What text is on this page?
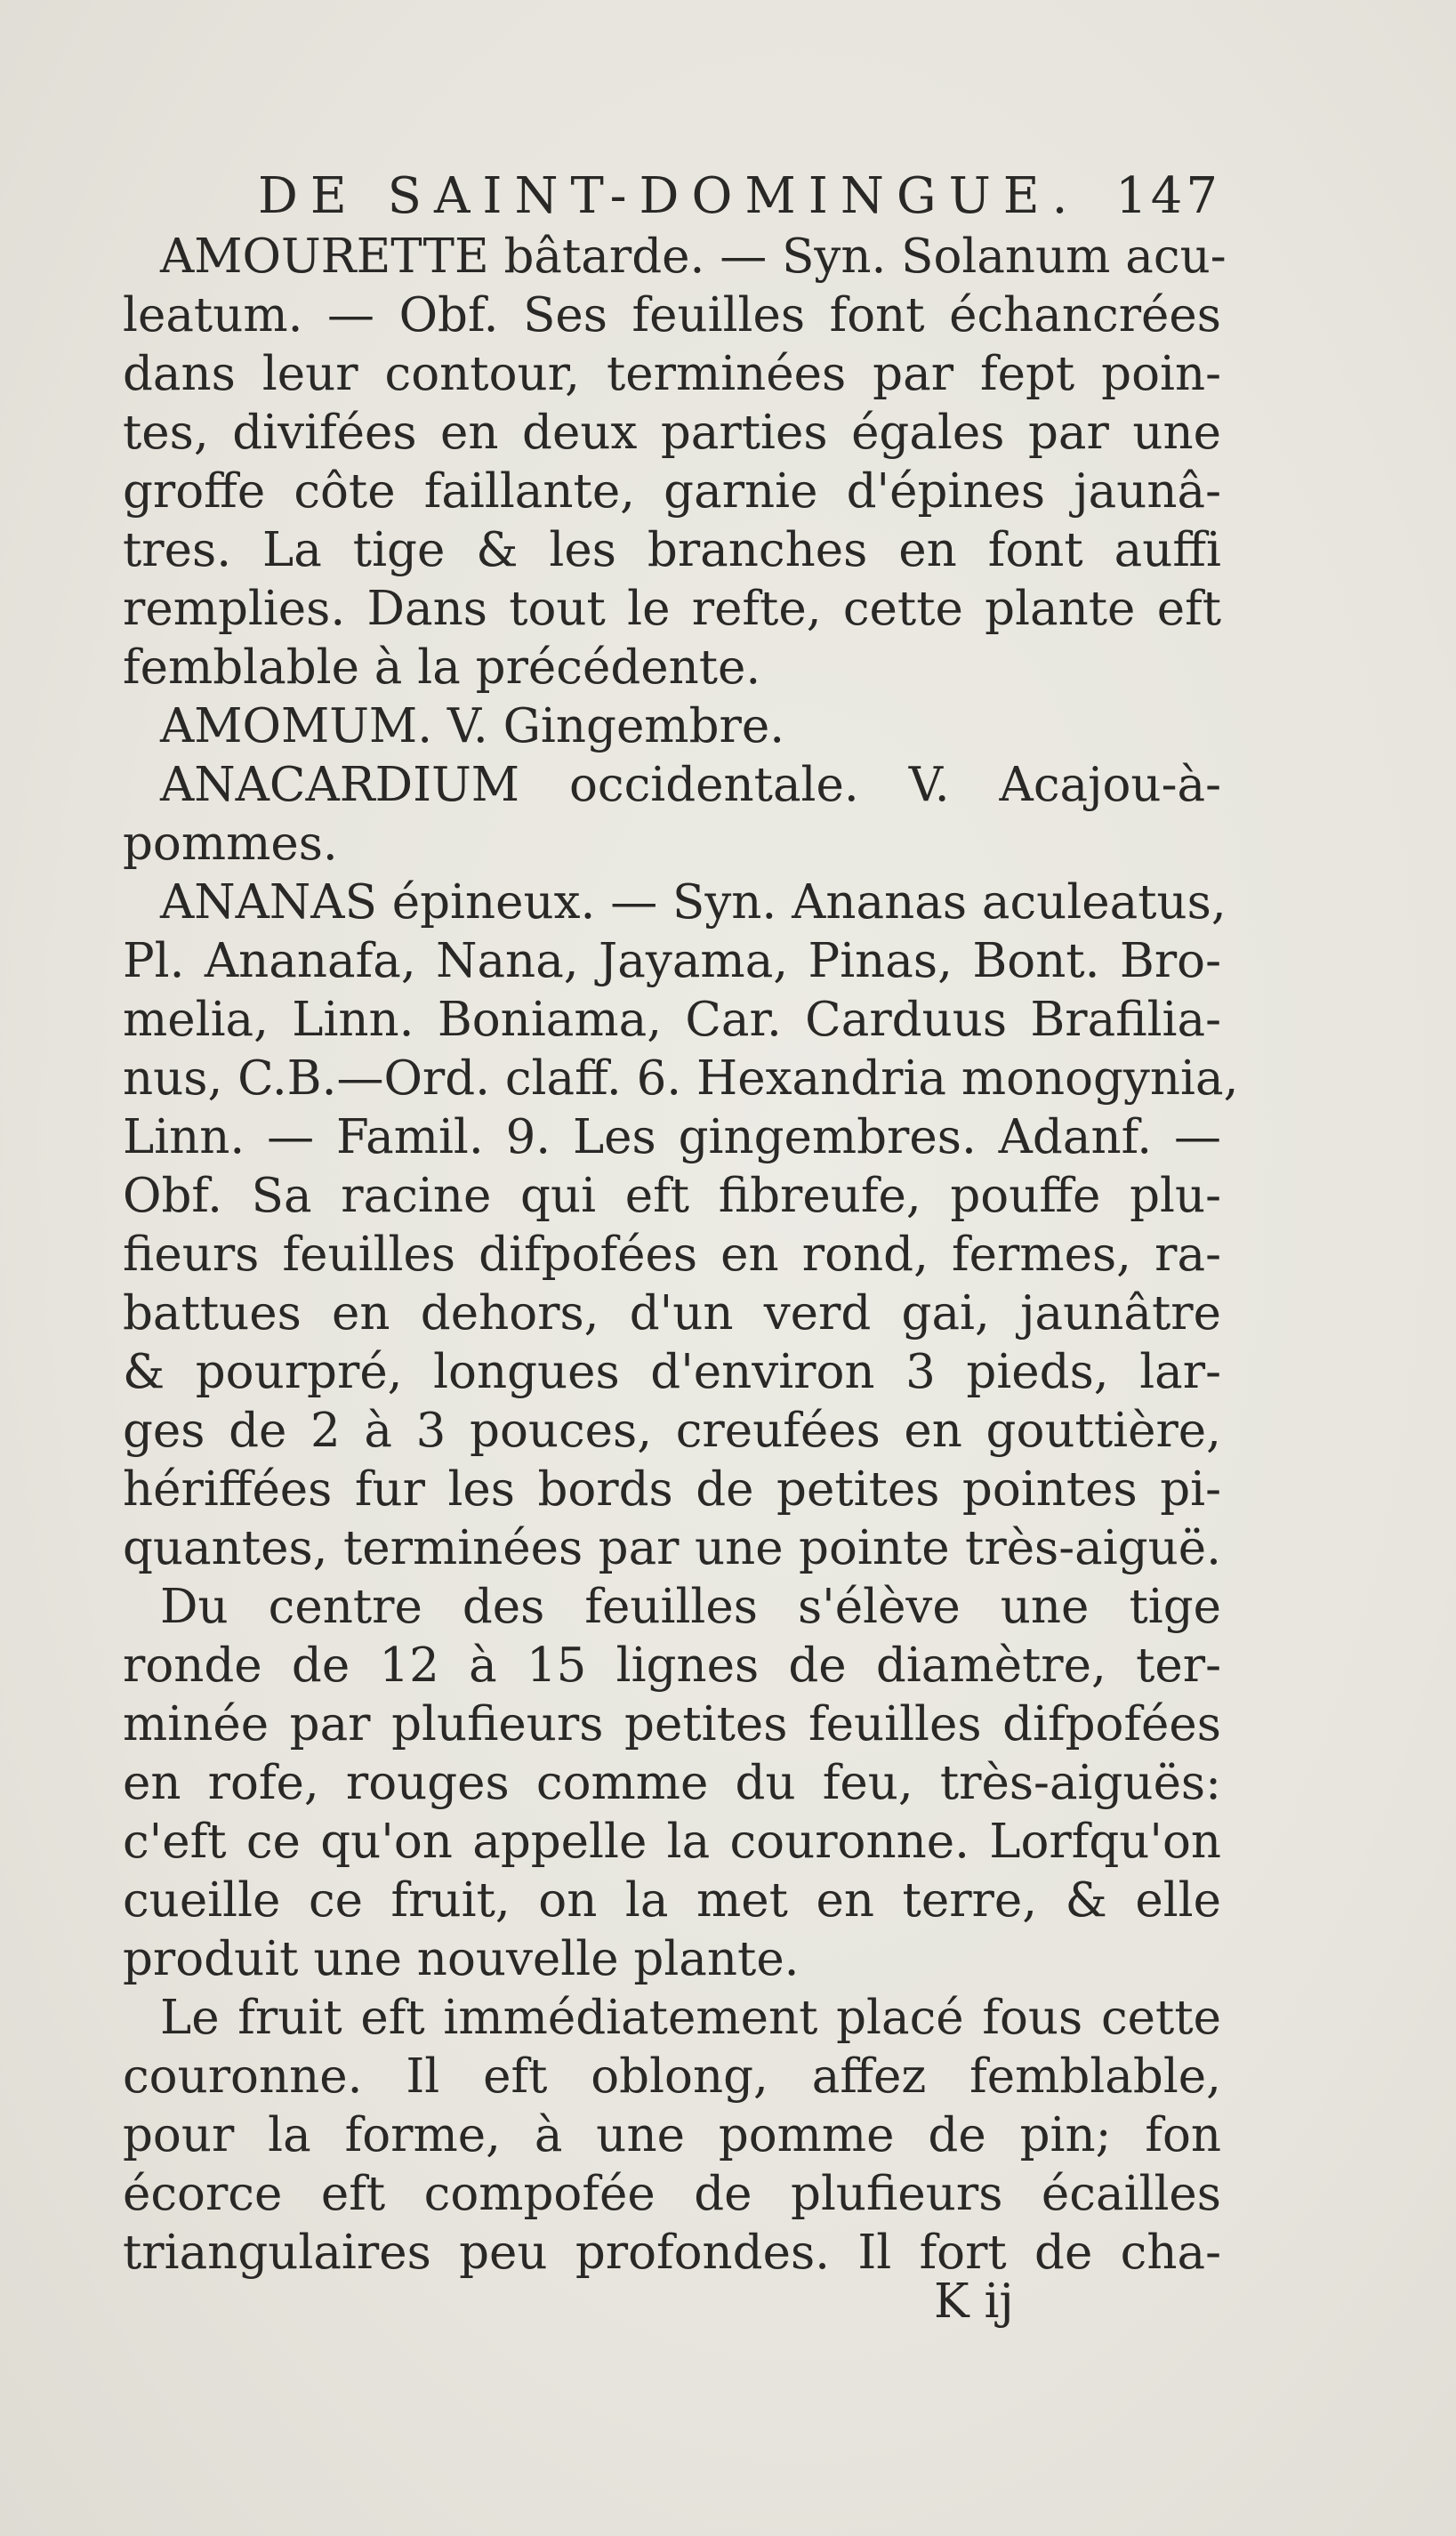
DE SAINT-DOMINGUE. 147
AMOURETTE bâtarde. — Syn. Solanum acu-
leatum. — Obf. Ses feuilles font échancrées
dans leur contour, terminées par fept poin-
tes, divifées en deux parties égales par une
groffe côte faillante, garnie d'épines jaunâ-
tres. La tige & les branches en font auffi
remplies. Dans tout le refte, cette plante eft
femblable à la précédente.
AMOMUM. V. Gingembre.
ANACARDIUM occidentale. V. Acajou-à-
pommes.
ANANAS épineux. — Syn. Ananas aculeatus,
Pl. Ananafa, Nana, Jayama, Pinas, Bont. Bro-
melia, Linn. Boniama, Car. Carduus Brafilia-
nus, C.B.—Ord. claff. 6. Hexandria monogynia,
Linn. — Famil. 9. Les gingembres. Adanf. —
Obf. Sa racine qui eft fibreufe, pouffe plu-
fieurs feuilles difpofées en rond, fermes, ra-
battues en dehors, d'un verd gai, jaunâtre
& pourpré, longues d'environ 3 pieds, lar-
ges de 2 à 3 pouces, creufées en gouttière,
hériffées fur les bords de petites pointes pi-
quantes, terminées par une pointe très-aiguë.
Du centre des feuilles s'élève une tige
ronde de 12 à 15 lignes de diamètre, ter-
minée par plufieurs petites feuilles difpofées
en rofe, rouges comme du feu, très-aiguës:
c'eft ce qu'on appelle la couronne. Lorfqu'on
cueille ce fruit, on la met en terre, & elle
produit une nouvelle plante.
Le fruit eft immédiatement placé fous cette
couronne. Il eft oblong, affez femblable,
pour la forme, à une pomme de pin; fon
écorce eft compofée de plufieurs écailles
triangulaires peu profondes. Il fort de cha-
K ij
